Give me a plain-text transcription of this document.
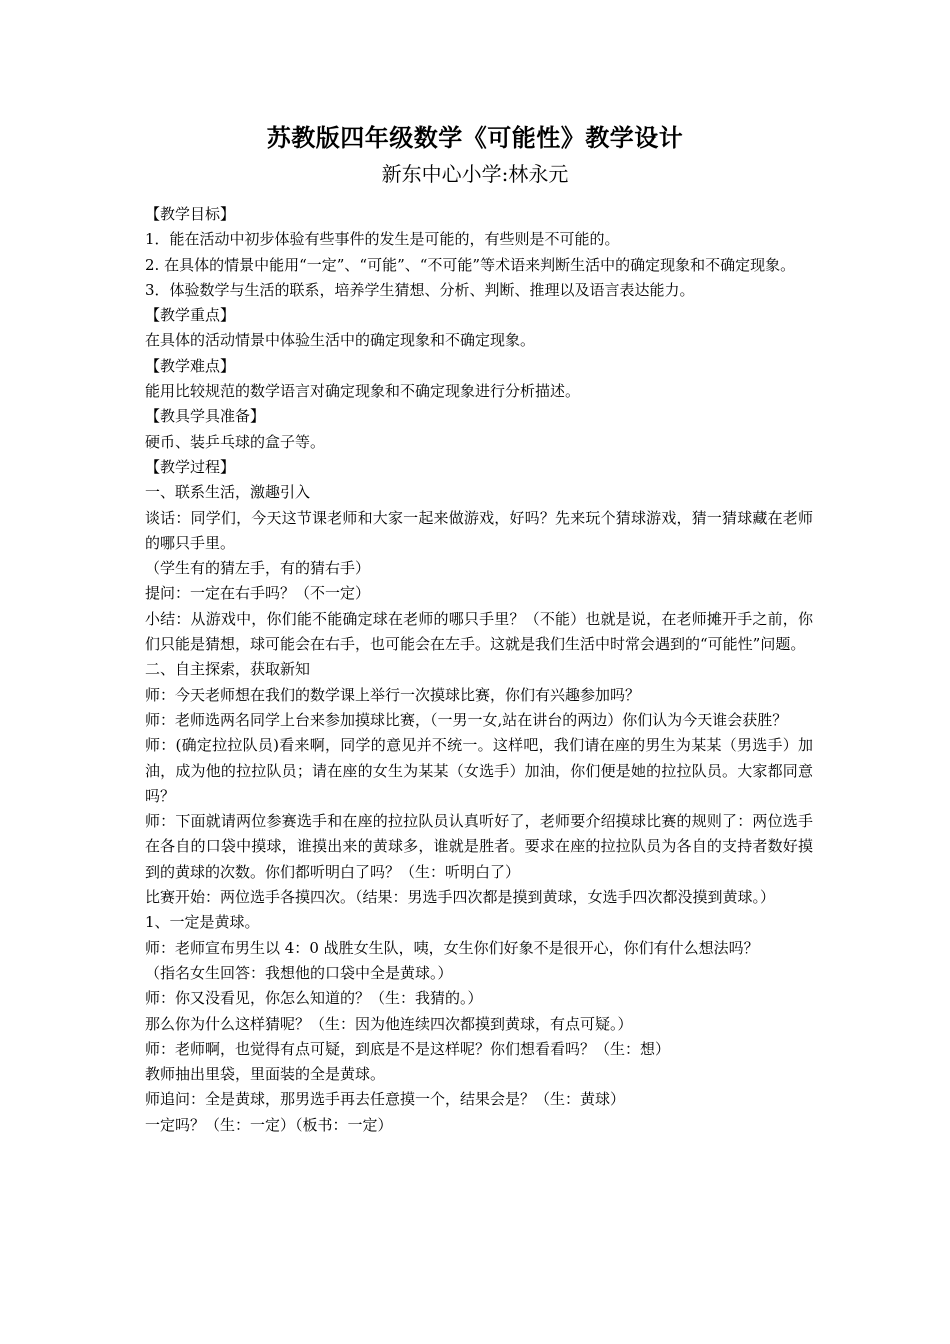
苏教版四年级数学《可能性》教学设计
新东中心小学:林永元

【教学目标】

1．能在活动中初步体验有些事件的发生是可能的，有些则是不可能的。

2. 在具体的情景中能用“一定”、“可能”、“不可能”等术语来判断生活中的确定现象和不确定现象。

3．体验数学与生活的联系，培养学生猜想、分析、判断、推理以及语言表达能力。

【教学重点】

在具体的活动情景中体验生活中的确定现象和不确定现象。

【教学难点】

能用比较规范的数学语言对确定现象和不确定现象进行分析描述。

【教具学具准备】

硬币、装乒乓球的盒子等。

【教学过程】

一、联系生活，激趣引入

谈话：同学们，今天这节课老师和大家一起来做游戏，好吗？先来玩个猜球游戏，猜一猜球藏在老师的哪只手里。

（学生有的猜左手，有的猜右手）

提问：一定在右手吗？（不一定）

小结：从游戏中，你们能不能确定球在老师的哪只手里？（不能）也就是说，在老师摊开手之前，你们只能是猜想，球可能会在右手，也可能会在左手。这就是我们生活中时常会遇到的“可能性”问题。

二、自主探索，获取新知

师：今天老师想在我们的数学课上举行一次摸球比赛，你们有兴趣参加吗？

师：老师选两名同学上台来参加摸球比赛，（一男一女,站在讲台的两边）你们认为今天谁会获胜？

师：(确定拉拉队员)看来啊，同学的意见并不统一。这样吧，我们请在座的男生为某某（男选手）加油，成为他的拉拉队员；请在座的女生为某某（女选手）加油，你们便是她的拉拉队员。大家都同意吗？

师：下面就请两位参赛选手和在座的拉拉队员认真听好了，老师要介绍摸球比赛的规则了：两位选手在各自的口袋中摸球，谁摸出来的黄球多，谁就是胜者。要求在座的拉拉队员为各自的支持者数好摸到的黄球的次数。你们都听明白了吗？（生：听明白了）

比赛开始：两位选手各摸四次。（结果：男选手四次都是摸到黄球，女选手四次都没摸到黄球。）

1、一定是黄球。

师：老师宣布男生以 4：0 战胜女生队，咦，女生你们好象不是很开心，你们有什么想法吗？

（指名女生回答：我想他的口袋中全是黄球。）

师：你又没看见，你怎么知道的？（生：我猜的。）

那么你为什么这样猜呢？（生：因为他连续四次都摸到黄球，有点可疑。）

师：老师啊，也觉得有点可疑，到底是不是这样呢？你们想看看吗？（生：想）

教师抽出里袋，里面装的全是黄球。

师追问：全是黄球，那男选手再去任意摸一个，结果会是？（生：黄球）

一定吗？（生：一定）（板书：一定）
